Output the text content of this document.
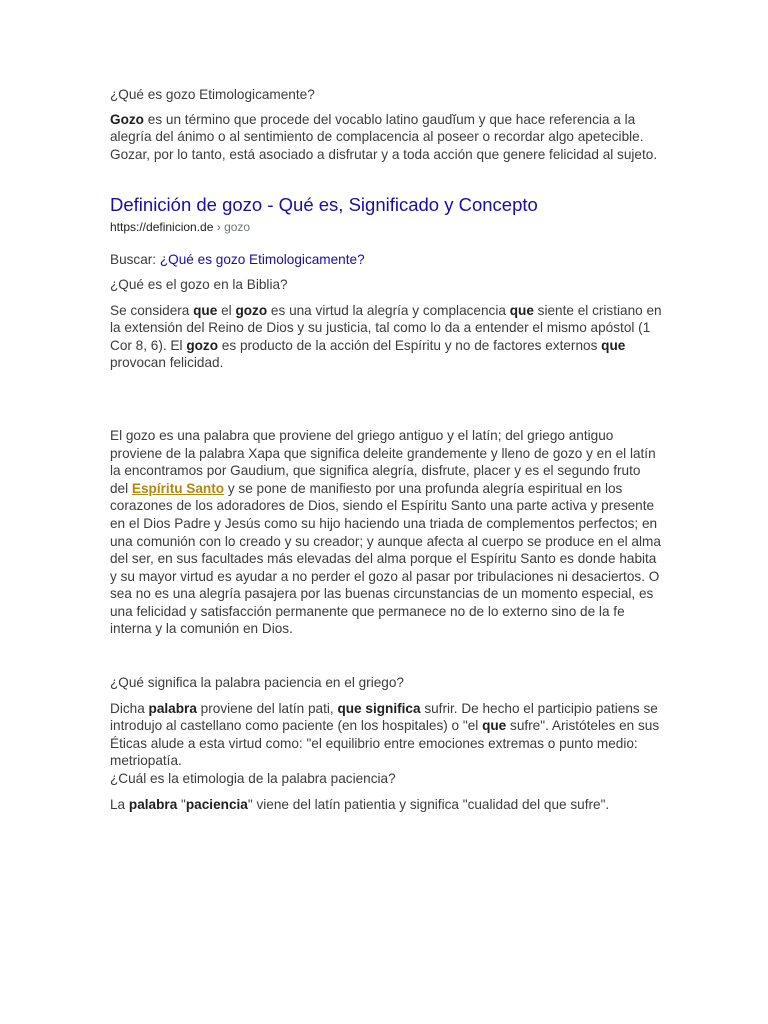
¿Qué es gozo Etimologicamente?

Gozo es un término que procede del vocablo latino gaudĭum y que hace referencia a la alegría del ánimo o al sentimiento de complacencia al poseer o recordar algo apetecible. Gozar, por lo tanto, está asociado a disfrutar y a toda acción que genere felicidad al sujeto.

Definición de gozo - Qué es, Significado y Concepto
https://definicion.de › gozo

Buscar: ¿Qué es gozo Etimologicamente?

¿Qué es el gozo en la Biblia?

Se considera que el gozo es una virtud la alegría y complacencia que siente el cristiano en la extensión del Reino de Dios y su justicia, tal como lo da a entender el mismo apóstol (1 Cor 8, 6). El gozo es producto de la acción del Espíritu y no de factores externos que provocan felicidad.

El gozo es una palabra que proviene del griego antiguo y el latín; del griego antiguo proviene de la palabra Xapa que significa deleite grandemente y lleno de gozo y en el latín la encontramos por Gaudium, que significa alegría, disfrute, placer y es el segundo fruto del Espíritu Santo y se pone de manifiesto por una profunda alegría espiritual en los corazones de los adoradores de Dios, siendo el Espíritu Santo una parte activa y presente en el Dios Padre y Jesús como su hijo haciendo una triada de complementos perfectos; en una comunión con lo creado y su creador; y aunque afecta al cuerpo se produce en el alma del ser, en sus facultades más elevadas del alma porque el Espíritu Santo es donde habita y su mayor virtud es ayudar a no perder el gozo al pasar por tribulaciones ni desaciertos. O sea no es una alegría pasajera por las buenas circunstancias de un momento especial, es una felicidad y satisfacción permanente que permanece no de lo externo sino de la fe interna y la comunión en Dios.

¿Qué significa la palabra paciencia en el griego?

Dicha palabra proviene del latín pati, que significa sufrir. De hecho el participio patiens se introdujo al castellano como paciente (en los hospitales) o "el que sufre". Aristóteles en sus Éticas alude a esta virtud como: "el equilibrio entre emociones extremas o punto medio: metriopatía.

¿Cuál es la etimologia de la palabra paciencia?

La palabra "paciencia" viene del latín patientia y significa "cualidad del que sufre".
